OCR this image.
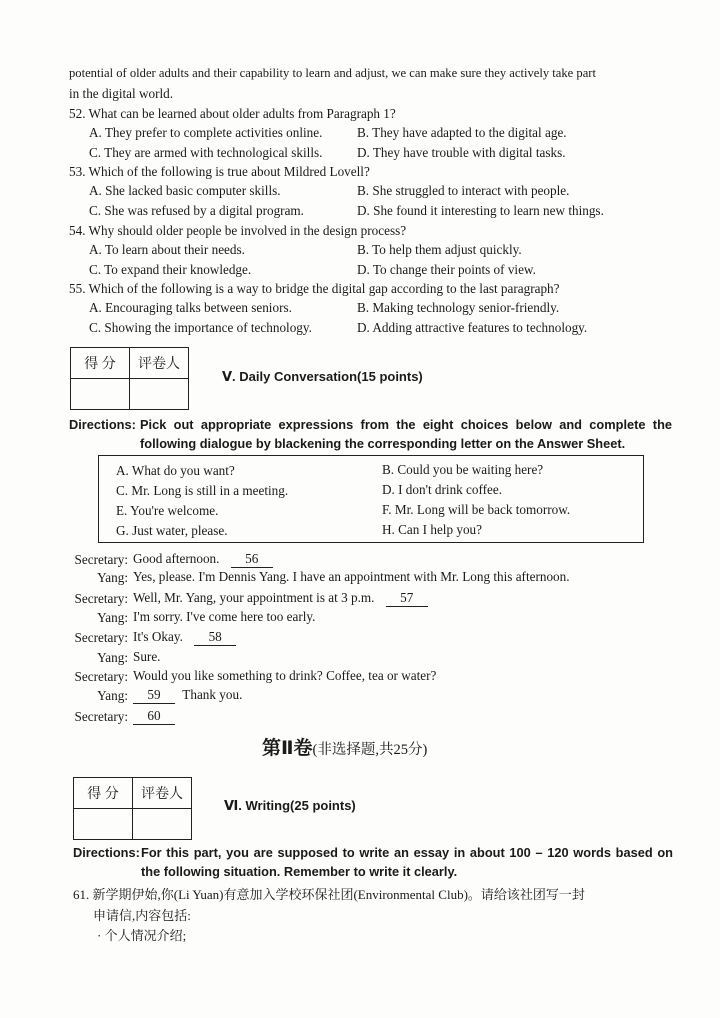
potential of older adults and their capability to learn and adjust, we can make sure they actively take part
in the digital world.
52. What can be learned about older adults from Paragraph 1?
A. They prefer to complete activities online.	B. They have adapted to the digital age.
C. They are armed with technological skills.	D. They have trouble with digital tasks.
53. Which of the following is true about Mildred Lovell?
A. She lacked basic computer skills.	B. She struggled to interact with people.
C. She was refused by a digital program.	D. She found it interesting to learn new things.
54. Why should older people be involved in the design process?
A. To learn about their needs.	B. To help them adjust quickly.
C. To expand their knowledge.	D. To change their points of view.
55. Which of the following is a way to bridge the digital gap according to the last paragraph?
A. Encouraging talks between seniors.	B. Making technology senior-friendly.
C. Showing the importance of technology.	D. Adding attractive features to technology.
得 分	评卷人

Ⅴ. Daily Conversation(15 points)
Directions: Pick out appropriate expressions from the eight choices below and complete the
following dialogue by blackening the corresponding letter on the Answer Sheet.
A. What do you want?	B. Could you be waiting here?
C. Mr. Long is still in a meeting.	D. I don't drink coffee.
E. You're welcome.	F. Mr. Long will be back tomorrow.
G. Just water, please.	H. Can I help you?
Secretary: Good afternoon. 56
Yang: Yes, please. I'm Dennis Yang. I have an appointment with Mr. Long this afternoon.
Secretary: Well, Mr. Yang, your appointment is at 3 p.m. 57
Yang: I'm sorry. I've come here too early.
Secretary: It's Okay. 58
Yang: Sure.
Secretary: Would you like something to drink? Coffee, tea or water?
Yang:	59 Thank you.
Secretary:	60
第Ⅱ卷(非选择题,共25分)
得 分	评卷人

Ⅵ. Writing(25 points)
Directions: For this part, you are supposed to write an essay in about 100 – 120 words based on
the following situation. Remember to write it clearly.
61. 新学期伊始,你(Li Yuan)有意加入学校环保社团(Environmental Club)。请给该社团写一封
申请信,内容包括:
· 个人情况介绍;
